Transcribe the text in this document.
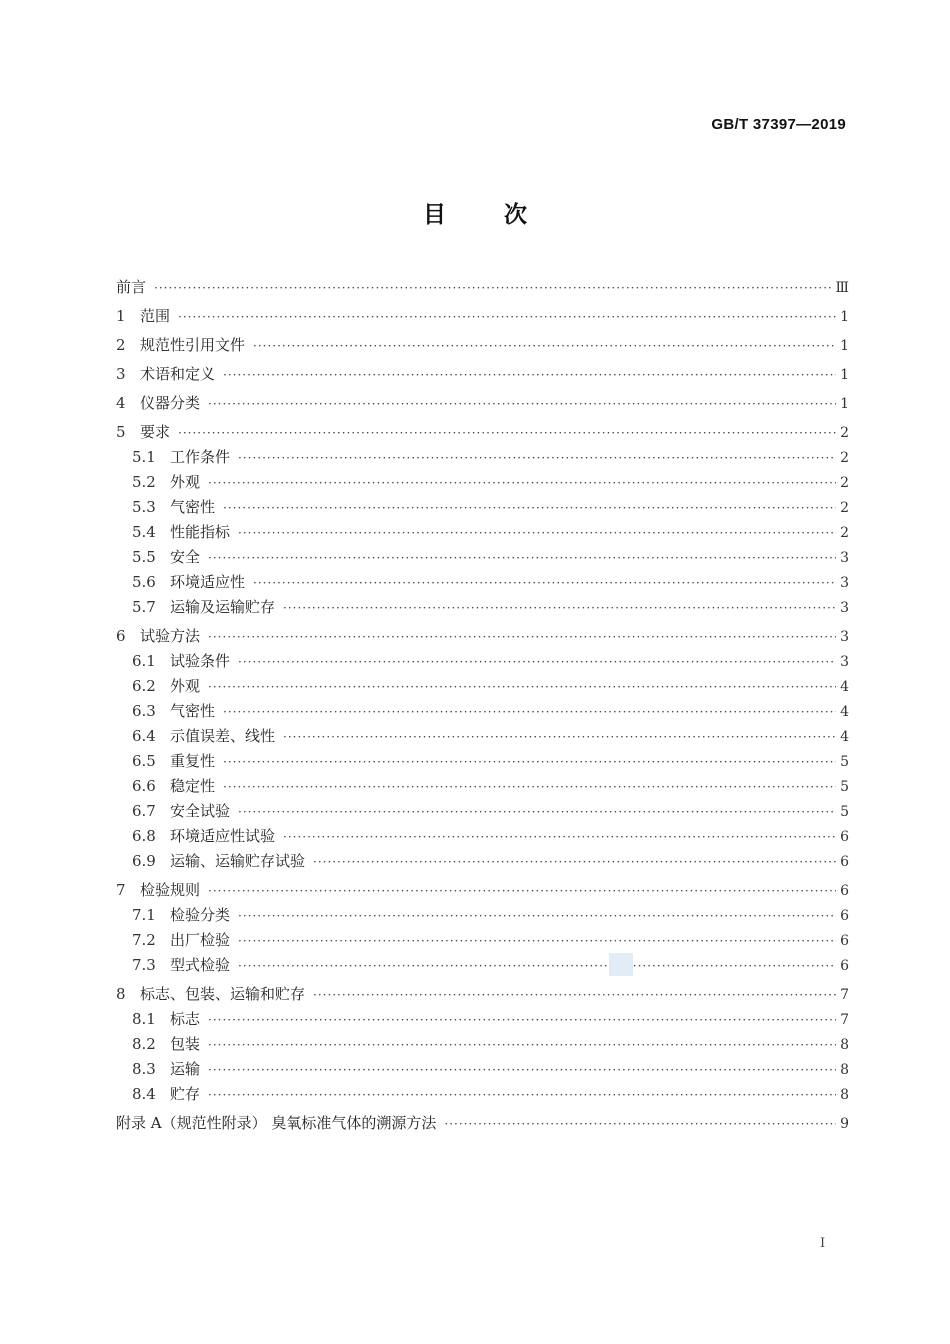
GB/T 37397—2019
目次
前言 ·····	Ⅲ
1 范围 ·····	1
2 规范性引用文件 ·····	1
3 术语和定义 ·····	1
4 仪器分类 ·····	1
5 要求 ·····	2
5.1 工作条件 ·····	2
5.2 外观 ·····	2
5.3 气密性 ·····	2
5.4 性能指标 ·····	2
5.5 安全 ·····	3
5.6 环境适应性 ·····	3
5.7 运输及运输贮存 ·····	3
6 试验方法 ·····	3
6.1 试验条件 ·····	3
6.2 外观 ·····	4
6.3 气密性 ·····	4
6.4 示值误差、线性 ·····	4
6.5 重复性 ·····	5
6.6 稳定性 ·····	5
6.7 安全试验 ·····	5
6.8 环境适应性试验 ·····	6
6.9 运输、运输贮存试验 ·····	6
7 检验规则 ·····	6
7.1 检验分类 ·····	6
7.2 出厂检验 ·····	6
7.3 型式检验 ·····	6
8 标志、包装、运输和贮存 ·····	7
8.1 标志 ·····	7
8.2 包装 ·····	8
8.3 运输 ·····	8
8.4 贮存 ·····	8
附录 A（规范性附录） 臭氧标准气体的溯源方法 ·····	9
I
